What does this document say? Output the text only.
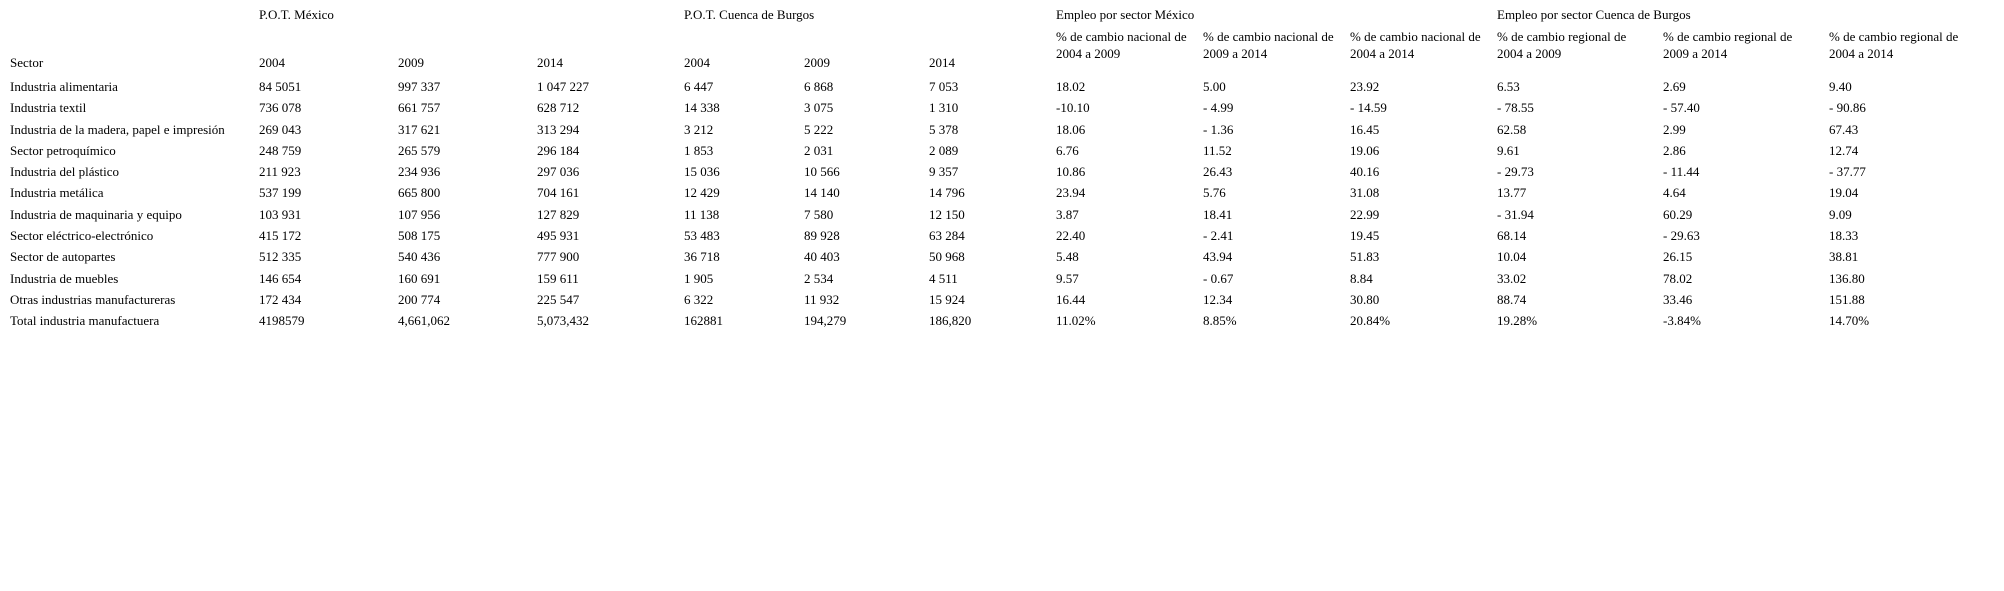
	P.O.T. México			P.O.T. Cuenca de Burgos			Empleo por sector México			Empleo por sector Cuenca de Burgos		
Sector	2004	2009	2014	2004	2009	2014	% de cambio nacional de 2004 a 2009	% de cambio nacional de 2009 a 2014	% de cambio nacional de 2004 a 2014	% de cambio regional de 2004 a 2009	% de cambio regional de 2009 a 2014	% de cambio regional de 2004 a 2014
Industria alimentaria	84 5051	997 337	1 047 227	6 447	6 868	7 053	18.02	5.00	23.92	6.53	2.69	9.40
Industria textil	736 078	661 757	628 712	14 338	3 075	1 310	-10.10	- 4.99	- 14.59	- 78.55	- 57.40	- 90.86
Industria de la madera, papel e impresión	269 043	317 621	313 294	3 212	5 222	5 378	18.06	- 1.36	16.45	62.58	2.99	67.43
Sector petroquímico	248 759	265 579	296 184	1 853	2 031	2 089	6.76	11.52	19.06	9.61	2.86	12.74
Industria del plástico	211 923	234 936	297 036	15 036	10 566	9 357	10.86	26.43	40.16	- 29.73	- 11.44	- 37.77
Industria metálica	537 199	665 800	704 161	12 429	14 140	14 796	23.94	5.76	31.08	13.77	4.64	19.04
Industria de maquinaria y equipo	103 931	107 956	127 829	11 138	7 580	12 150	3.87	18.41	22.99	- 31.94	60.29	9.09
Sector eléctrico-electrónico	415 172	508 175	495 931	53 483	89 928	63 284	22.40	- 2.41	19.45	68.14	- 29.63	18.33
Sector de autopartes	512 335	540 436	777 900	36 718	40 403	50 968	5.48	43.94	51.83	10.04	26.15	38.81
Industria de muebles	146 654	160 691	159 611	1 905	2 534	4 511	9.57	- 0.67	8.84	33.02	78.02	136.80
Otras industrias manufactureras	172 434	200 774	225 547	6 322	11 932	15 924	16.44	12.34	30.80	88.74	33.46	151.88
Total industria manufactuera	4198579	4,661,062	5,073,432	162881	194,279	186,820	11.02%	8.85%	20.84%	19.28%	-3.84%	14.70%
